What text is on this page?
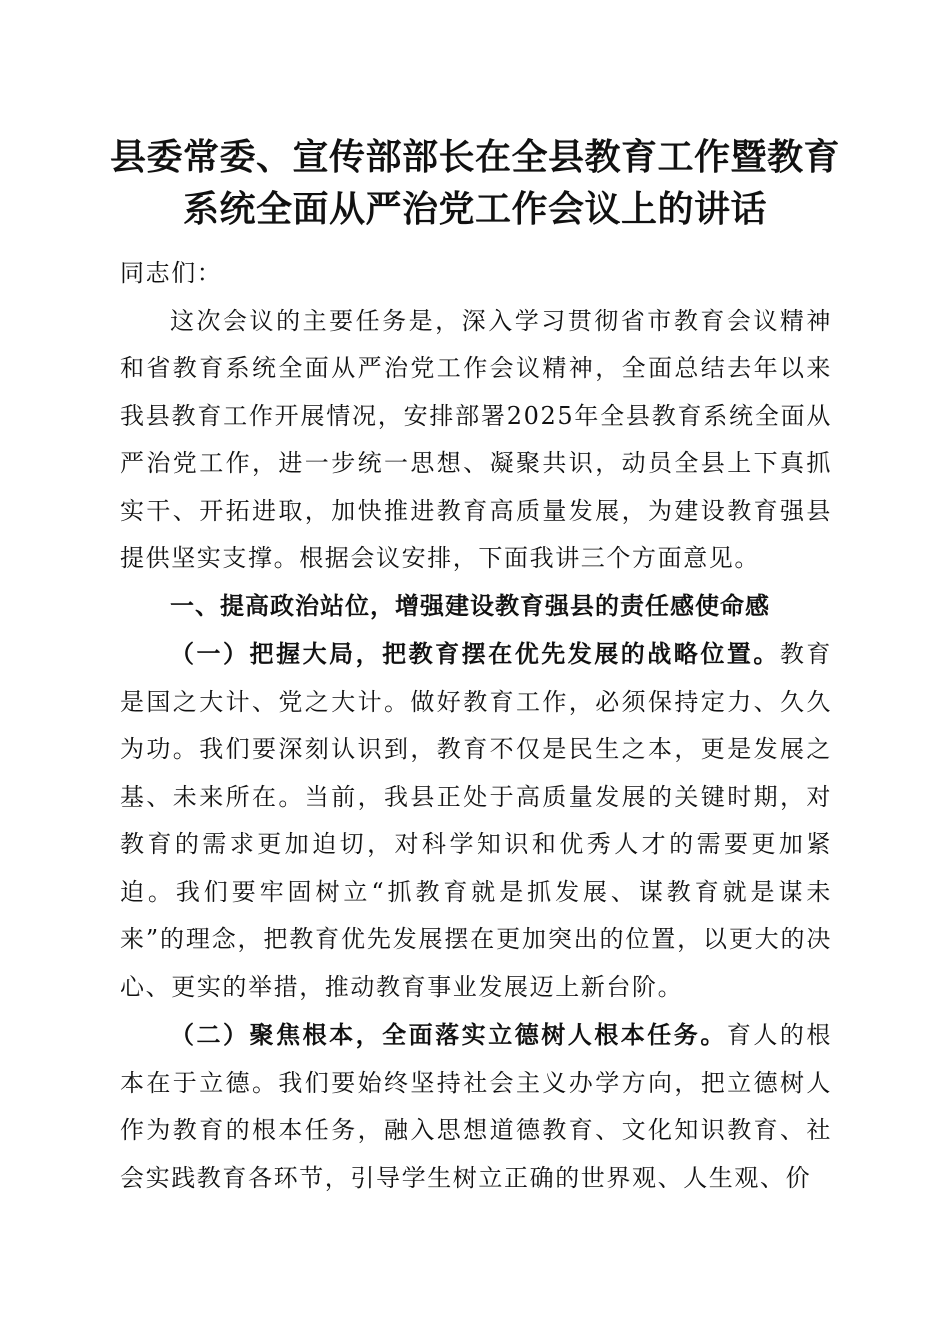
县委常委、宣传部部长在全县教育工作暨教育
系统全面从严治党工作会议上的讲话

同志们：

这次会议的主要任务是，深入学习贯彻省市教育会议精神和省教育系统全面从严治党工作会议精神，全面总结去年以来我县教育工作开展情况，安排部署2025年全县教育系统全面从严治党工作，进一步统一思想、凝聚共识，动员全县上下真抓实干、开拓进取，加快推进教育高质量发展，为建设教育强县提供坚实支撑。根据会议安排，下面我讲三个方面意见。

一、提高政治站位，增强建设教育强县的责任感使命感

（一）把握大局，把教育摆在优先发展的战略位置。教育是国之大计、党之大计。做好教育工作，必须保持定力、久久为功。我们要深刻认识到，教育不仅是民生之本，更是发展之基、未来所在。当前，我县正处于高质量发展的关键时期，对教育的需求更加迫切，对科学知识和优秀人才的需要更加紧迫。我们要牢固树立“抓教育就是抓发展、谋教育就是谋未来”的理念，把教育优先发展摆在更加突出的位置，以更大的决心、更实的举措，推动教育事业发展迈上新台阶。

（二）聚焦根本，全面落实立德树人根本任务。育人的根本在于立德。我们要始终坚持社会主义办学方向，把立德树人作为教育的根本任务，融入思想道德教育、文化知识教育、社会实践教育各环节，引导学生树立正确的世界观、人生观、价
